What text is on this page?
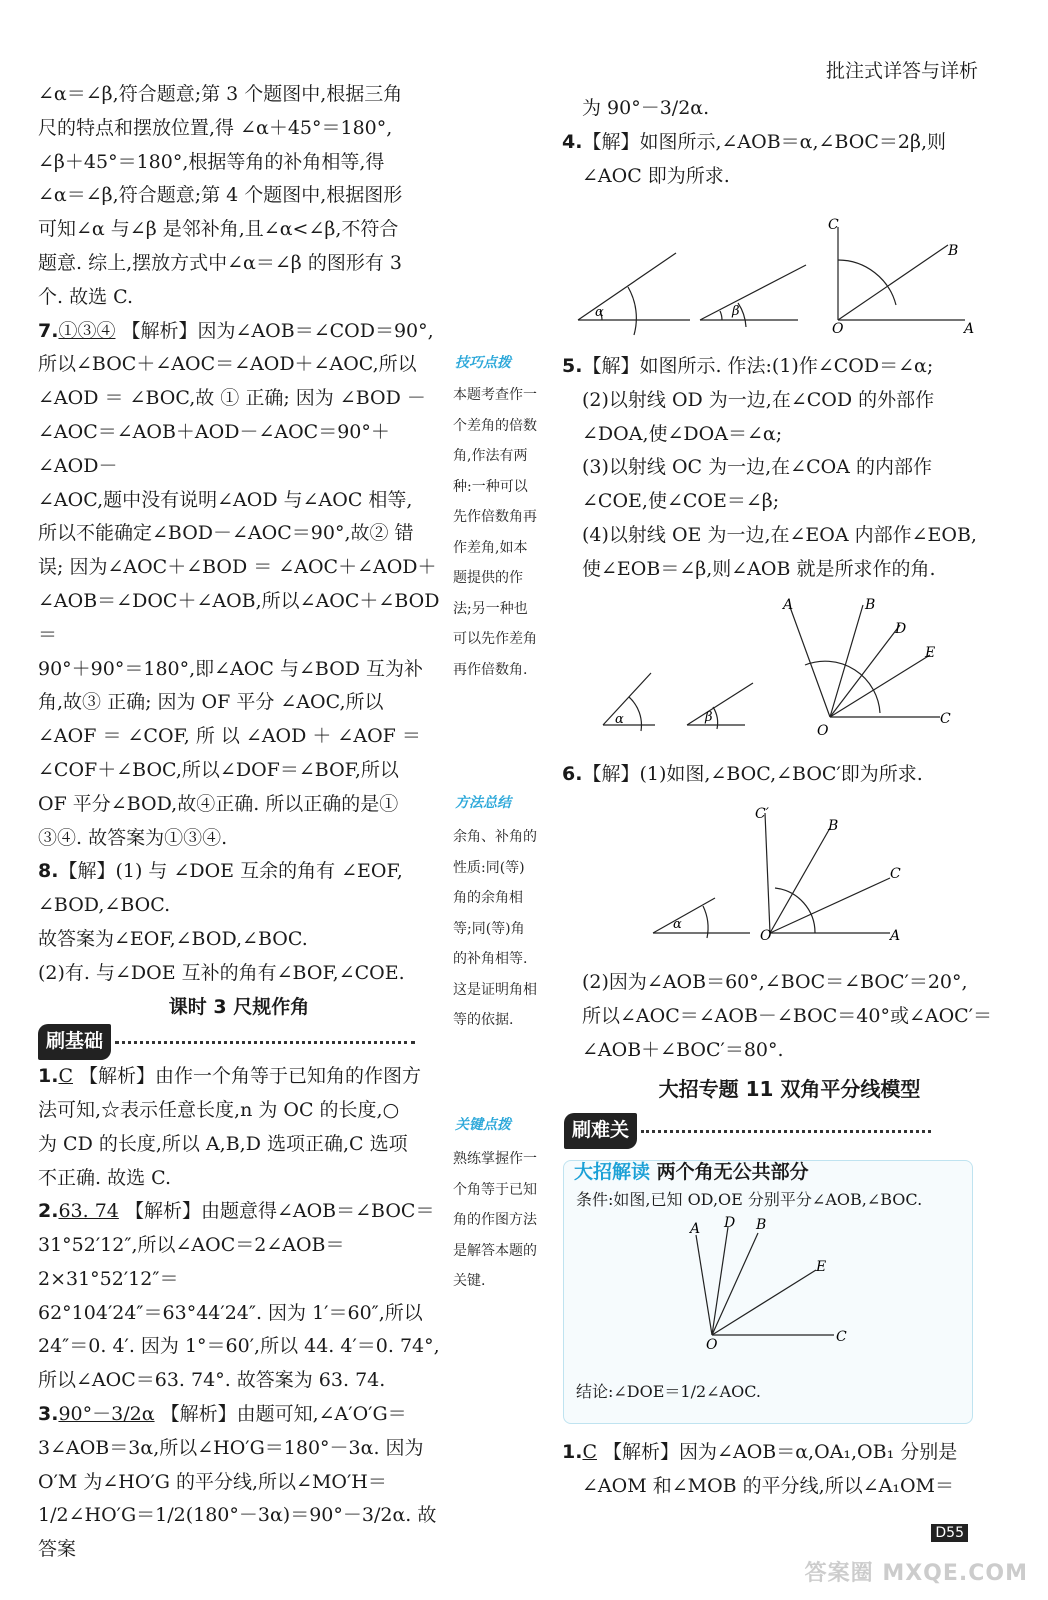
批注式详答与详析

∠α＝∠β,符合题意;第 3 个题图中,根据三角

尺的特点和摆放位置,得 ∠α＋45°＝180°,

∠β＋45°＝180°,根据等角的补角相等,得

∠α＝∠β,符合题意;第 4 个题图中,根据图形

可知∠α 与∠β 是邻补角,且∠α<∠β,不符合

题意. 综上,摆放方式中∠α＝∠β 的图形有 3

个. 故选 C.

7.①③④ 【解析】因为∠AOB＝∠COD＝90°,

所以∠BOC＋∠AOC＝∠AOD＋∠AOC,所以

∠AOD ＝ ∠BOC,故 ① 正确; 因为 ∠BOD －

∠AOC＝∠AOB＋AOD－∠AOC＝90°＋∠AOD－

∠AOC,题中没有说明∠AOD 与∠AOC 相等,

所以不能确定∠BOD－∠AOC＝90°,故② 错

误; 因为∠AOC＋∠BOD ＝ ∠AOC＋∠AOD＋

∠AOB＝∠DOC＋∠AOB,所以∠AOC＋∠BOD＝

90°＋90°＝180°,即∠AOC 与∠BOD 互为补

角,故③ 正确; 因为 OF 平分 ∠AOC,所以

∠AOF ＝ ∠COF, 所 以 ∠AOD ＋ ∠AOF ＝

∠COF＋∠BOC,所以∠DOF＝∠BOF,所以

OF 平分∠BOD,故④正确. 所以正确的是①

③④. 故答案为①③④.

8.【解】(1) 与 ∠DOE 互余的角有 ∠EOF,

∠BOD,∠BOC.

故答案为∠EOF,∠BOD,∠BOC.

(2)有. 与∠DOE 互补的角有∠BOF,∠COE.

课时 3 尺规作角

刷基础

1.C 【解析】由作一个角等于已知角的作图方

法可知,☆表示任意长度,n 为 OC 的长度,○

为 CD 的长度,所以 A,B,D 选项正确,C 选项

不正确. 故选 C.

2.63. 74 【解析】由题意得∠AOB＝∠BOC＝

31°52′12″,所以∠AOC＝2∠AOB＝2×31°52′12″＝

62°104′24″＝63°44′24″. 因为 1′＝60″,所以

24″＝0. 4′. 因为 1°＝60′,所以 44. 4′＝0. 74°,

所以∠AOC＝63. 74°. 故答案为 63. 74.

3.90°－3/2α 【解析】由题可知,∠A′O′G＝

3∠AOB＝3α,所以∠HO′G＝180°－3α. 因为

O′M 为∠HO′G 的平分线,所以∠MO′H＝

1/2∠HO′G＝1/2(180°－3α)＝90°－3/2α. 故答案

技巧点拨
本题考查作一
个差角的倍数
角,作法有两
种:一种可以
先作倍数角再
作差角,如本
题提供的作
法;另一种也
可以先作差角
再作倍数角.
方法总结
余角、补角的
性质:同(等)
角的余角相
等;同(等)角
的补角相等.
这是证明角相
等的依据.
关键点拨
熟练掌握作一
个角等于已知
角的作图方法
是解答本题的
关键.

为 90°－3/2α.

4.【解】如图所示,∠AOB＝α,∠BOC＝2β,则

∠AOC 即为所求.

α	β
C
B
O	A

5.【解】如图所示. 作法:(1)作∠COD＝∠α;

(2)以射线 OD 为一边,在∠COD 的外部作

∠DOA,使∠DOA＝∠α;

(3)以射线 OC 为一边,在∠COA 的内部作

∠COE,使∠COE＝∠β;

(4)以射线 OE 为一边,在∠EOA 内部作∠EOB,

使∠EOB＝∠β,则∠AOB 就是所求作的角.

α	β
A	B
D
E
O
C

6.【解】(1)如图,∠BOC,∠BOC′即为所求.

α
C′
B
C
O	A

(2)因为∠AOB＝60°,∠BOC＝∠BOC′＝20°,

所以∠AOC＝∠AOB－∠BOC＝40°或∠AOC′＝

∠AOB＋∠BOC′＝80°.

大招专题 11 双角平分线模型

刷难关

大招解读 两个角无公共部分
条件:如图,已知 OD,OE 分别平分∠AOB,∠BOC.
A D B
E
O	C
结论:∠DOE＝1/2∠AOC.

1.C 【解析】因为∠AOB＝α,OA₁,OB₁ 分别是

∠AOM 和∠MOB 的平分线,所以∠A₁OM＝

D55
答案圈 MXQE.COM
